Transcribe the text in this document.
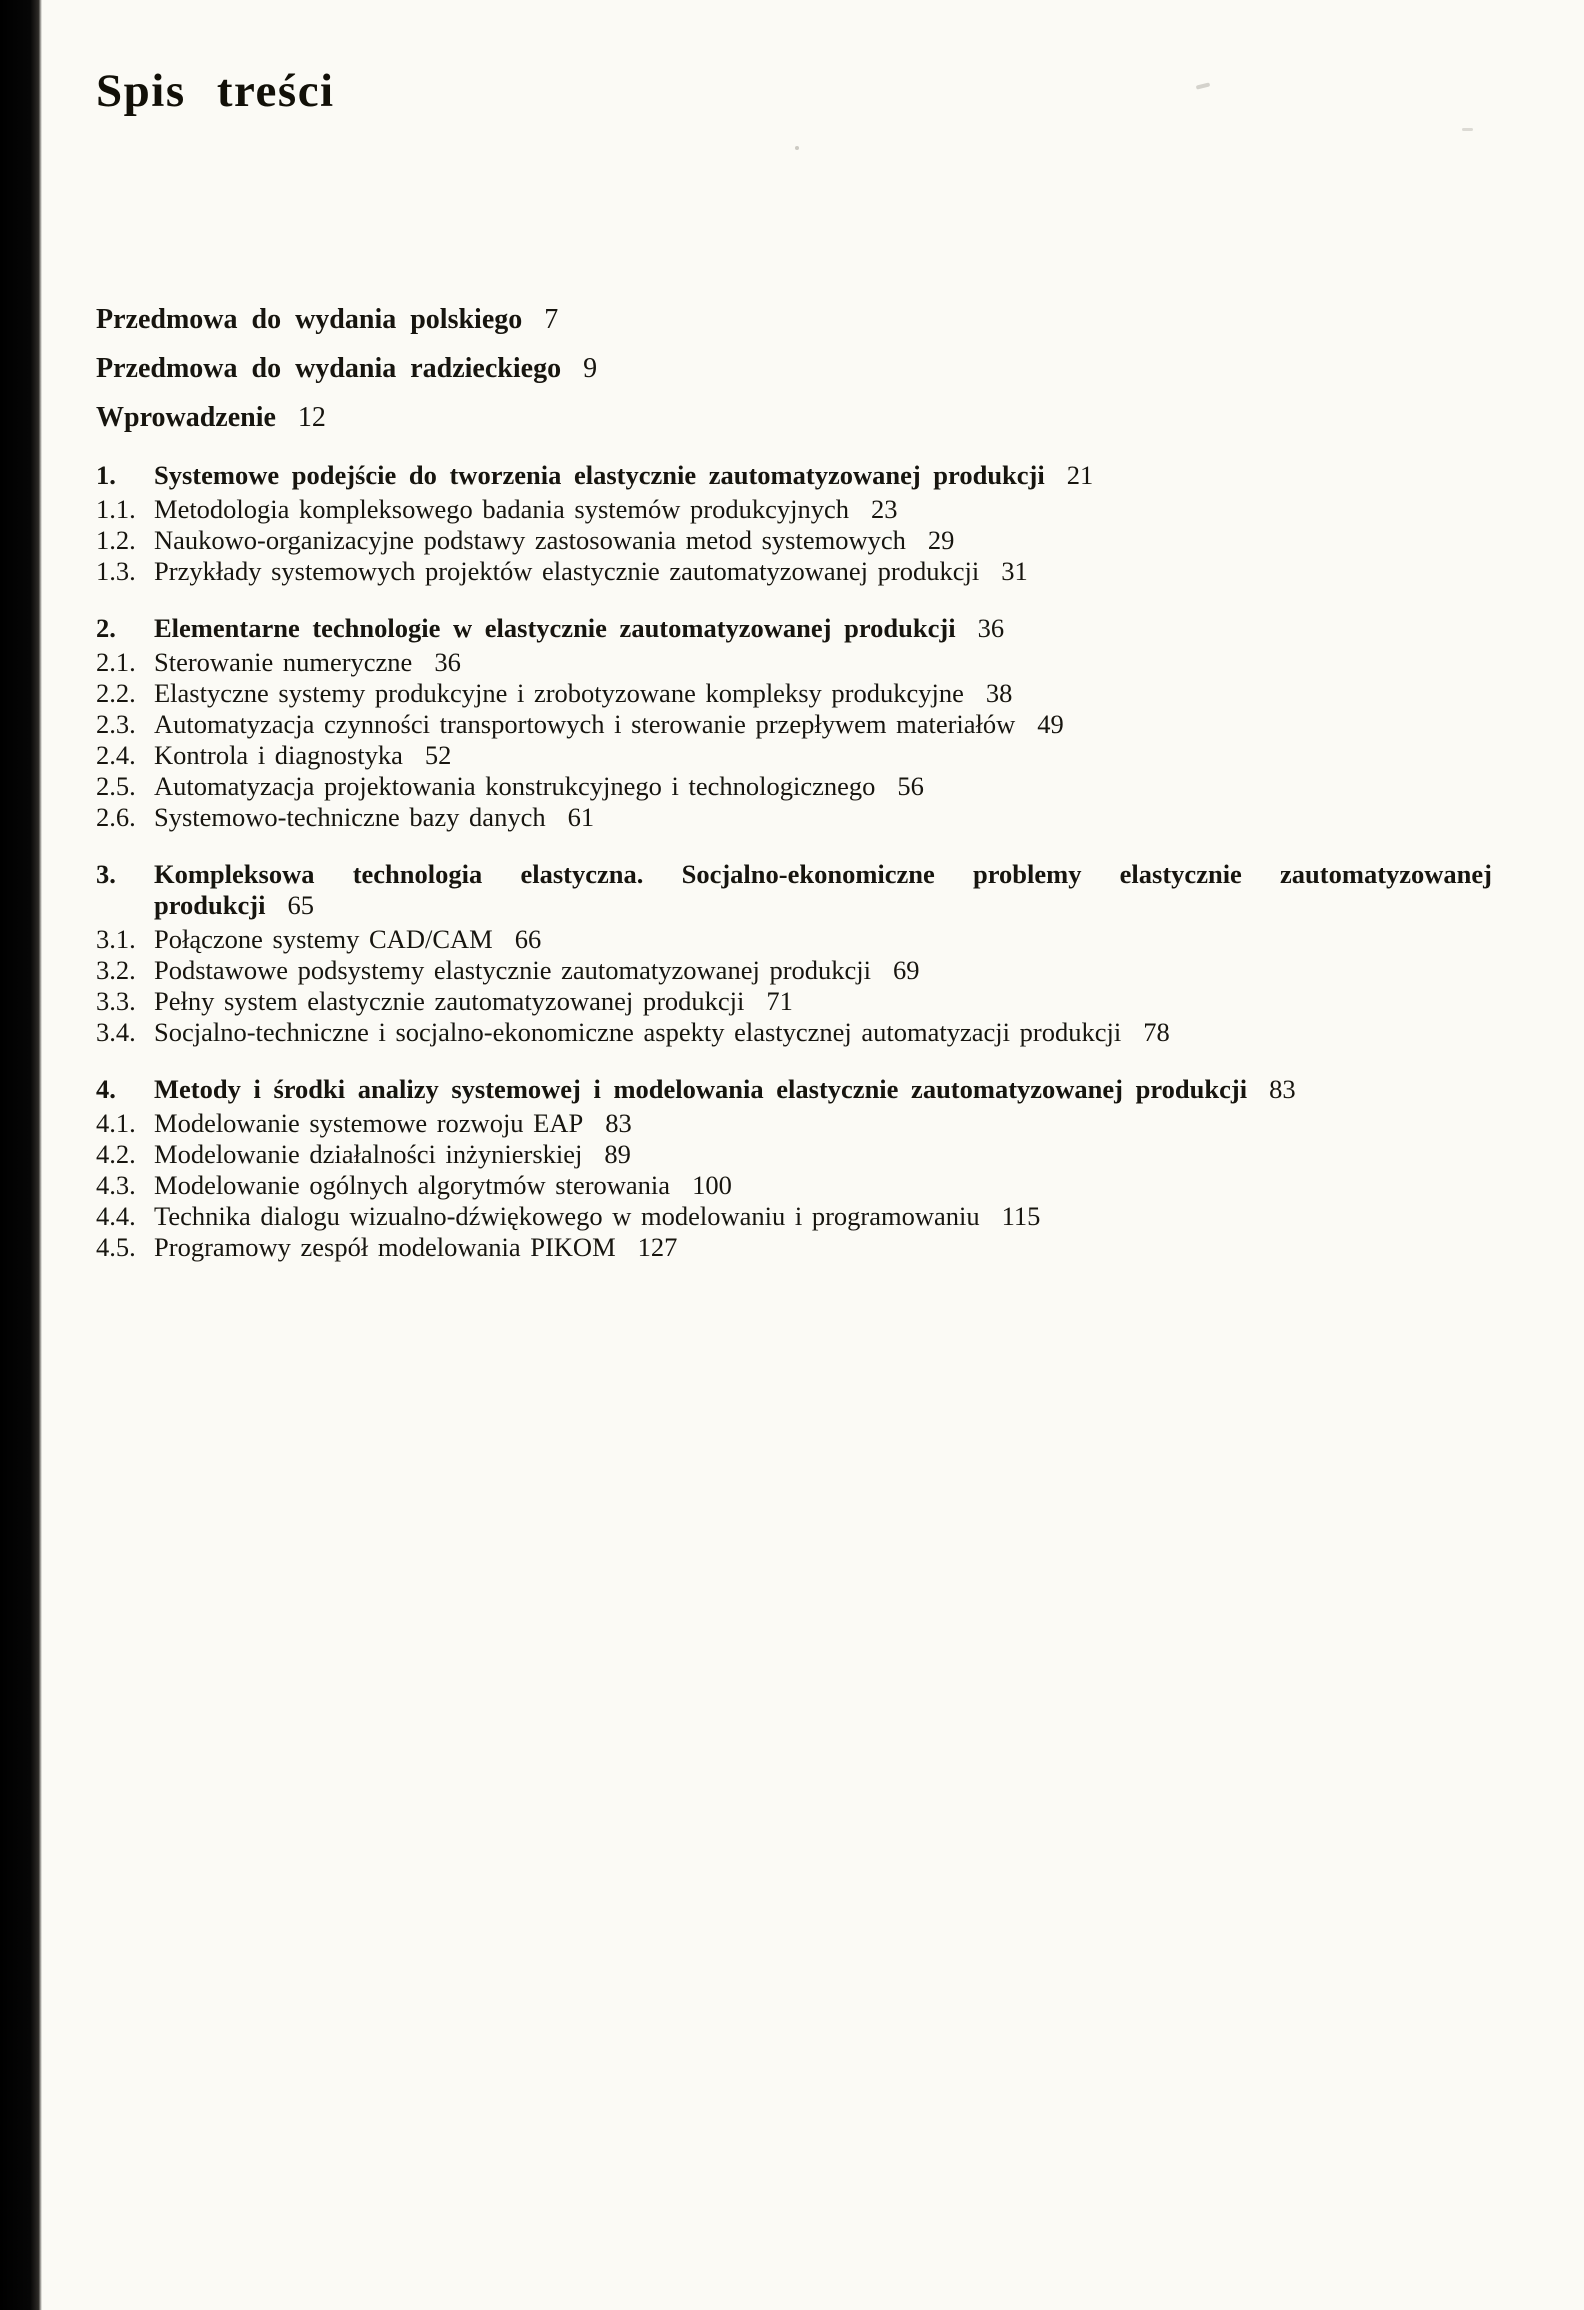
Spis treści

Przedmowa do wydania polskiego 7

Przedmowa do wydania radzieckiego 9

Wprowadzenie 12

1.	Systemowe podejście do tworzenia elastycznie zautomatyzowanej produkcji 21
1.1. Metodologia kompleksowego badania systemów produkcyjnych 23
1.2. Naukowo-organizacyjne podstawy zastosowania metod systemowych 29
1.3. Przykłady systemowych projektów elastycznie zautomatyzowanej produkcji 31
2.	Elementarne technologie w elastycznie zautomatyzowanej produkcji 36
2.1. Sterowanie numeryczne 36
2.2. Elastyczne systemy produkcyjne i zrobotyzowane kompleksy produkcyjne 38
2.3. Automatyzacja czynności transportowych i sterowanie przepływem materiałów 49
2.4. Kontrola i diagnostyka 52
2.5. Automatyzacja projektowania konstrukcyjnego i technologicznego 56
2.6. Systemowo-techniczne bazy danych 61
3.	Kompleksowa technologia elastyczna. Socjalno-ekonomiczne problemy elastycznie zautomatyzowanej produkcji 65
3.1. Połączone systemy CAD/CAM 66
3.2. Podstawowe podsystemy elastycznie zautomatyzowanej produkcji 69
3.3. Pełny system elastycznie zautomatyzowanej produkcji 71
3.4. Socjalno-techniczne i socjalno-ekonomiczne aspekty elastycznej automatyzacji produkcji 78
4.	Metody i środki analizy systemowej i modelowania elastycznie zautomatyzowanej produkcji 83
4.1. Modelowanie systemowe rozwoju EAP 83
4.2. Modelowanie działalności inżynierskiej 89
4.3. Modelowanie ogólnych algorytmów sterowania 100
4.4. Technika dialogu wizualno-dźwiękowego w modelowaniu i programowaniu 115
4.5. Programowy zespół modelowania PIKOM 127
